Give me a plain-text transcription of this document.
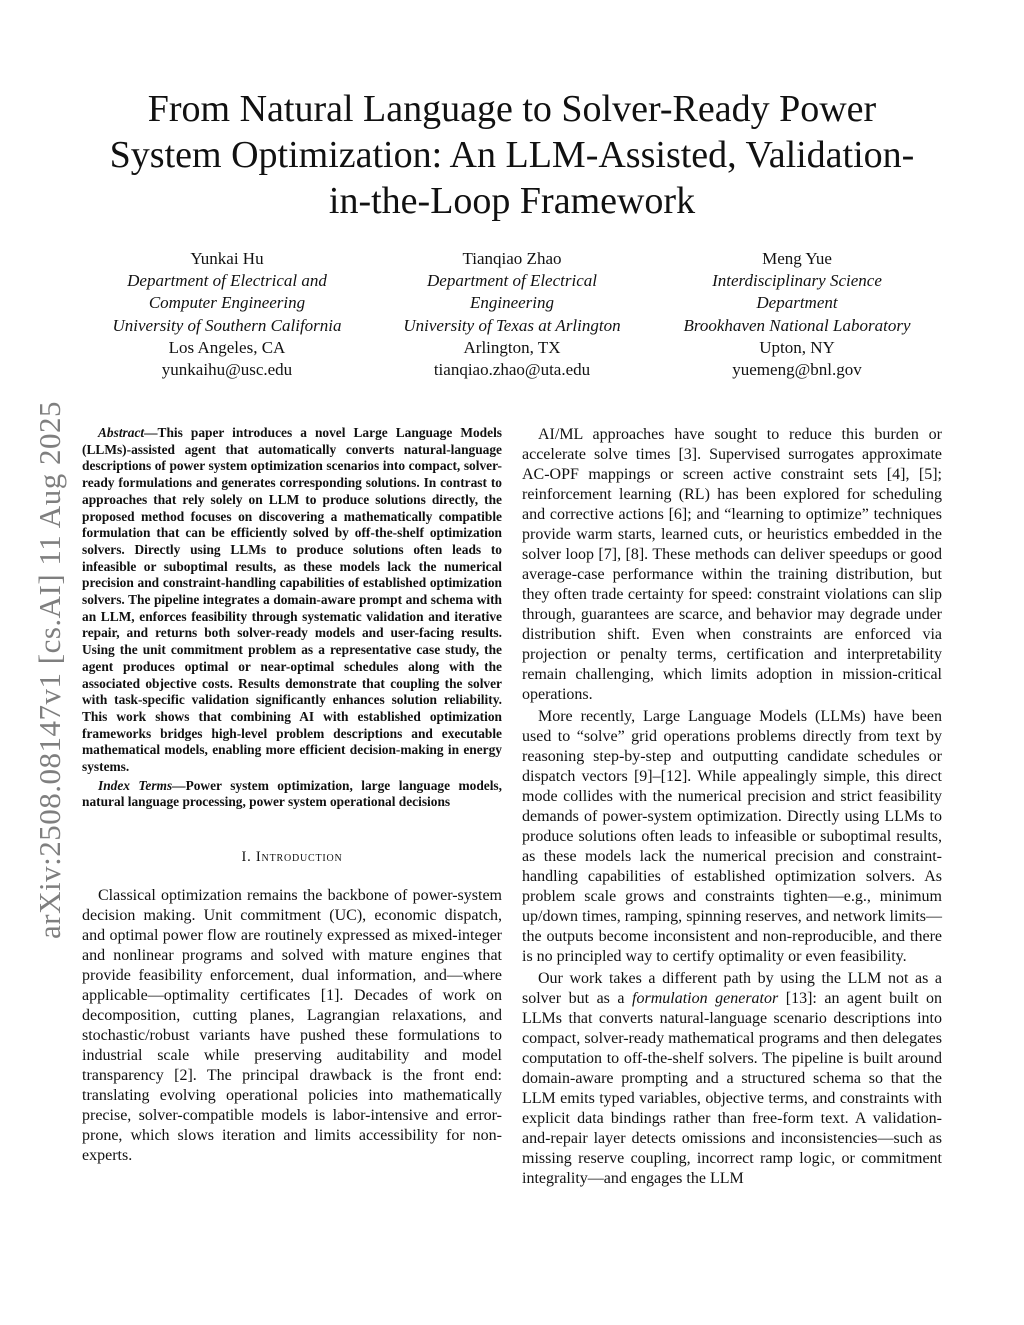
From Natural Language to Solver-Ready Power System Optimization: An LLM-Assisted, Validation-in-the-Loop Framework
Yunkai Hu
Department of Electrical and
Computer Engineering
University of Southern California
Los Angeles, CA
yunkaihu@usc.edu
Tianqiao Zhao
Department of Electrical
Engineering
University of Texas at Arlington
Arlington, TX
tianqiao.zhao@uta.edu
Meng Yue
Interdisciplinary Science
Department
Brookhaven National Laboratory
Upton, NY
yuemeng@bnl.gov
arXiv:2508.08147v1 [cs.AI] 11 Aug 2025	Abstract—This paper introduces a novel Large Language Models (LLMs)-assisted agent that automatically converts natural-language descriptions of power system optimization scenarios into compact, solver-ready formulations and generates corresponding solutions. In contrast to approaches that rely solely on LLM to produce solutions directly, the proposed method focuses on discovering a mathematically compatible formulation that can be efficiently solved by off-the-shelf optimization solvers. Directly using LLMs to produce solutions often leads to infeasible or suboptimal results, as these models lack the numerical precision and constraint-handling capabilities of established optimization solvers. The pipeline integrates a domain-aware prompt and schema with an LLM, enforces feasibility through systematic validation and iterative repair, and returns both solver-ready models and user-facing results. Using the unit commitment problem as a representative case study, the agent produces optimal or near-optimal schedules along with the associated objective costs. Results demonstrate that coupling the solver with task-specific validation significantly enhances solution reliability. This work shows that combining AI with established optimization frameworks bridges high-level problem descriptions and executable mathematical models, enabling more efficient decision-making in energy systems.

Index Terms—Power system optimization, large language models, natural language processing, power system operational decisions

I. Introduction

Classical optimization remains the backbone of power-system decision making. Unit commitment (UC), economic dispatch, and optimal power flow are routinely expressed as mixed-integer and nonlinear programs and solved with mature engines that provide feasibility enforcement, dual information, and—where applicable—optimality certificates [1]. Decades of work on decomposition, cutting planes, Lagrangian relaxations, and stochastic/robust variants have pushed these formulations to industrial scale while preserving auditability and model transparency [2]. The principal drawback is the front end: translating evolving operational policies into mathematically precise, solver-compatible models is labor-intensive and error-prone, which slows iteration and limits accessibility for non-experts.

AI/ML approaches have sought to reduce this burden or accelerate solve times [3]. Supervised surrogates approximate AC-OPF mappings or screen active constraint sets [4], [5]; reinforcement learning (RL) has been explored for scheduling and corrective actions [6]; and “learning to optimize” techniques provide warm starts, learned cuts, or heuristics embedded in the solver loop [7], [8]. These methods can deliver speedups or good average-case performance within the training distribution, but they often trade certainty for speed: constraint violations can slip through, guarantees are scarce, and behavior may degrade under distribution shift. Even when constraints are enforced via projection or penalty terms, certification and interpretability remain challenging, which limits adoption in mission-critical operations.

More recently, Large Language Models (LLMs) have been used to “solve” grid operations problems directly from text by reasoning step-by-step and outputting candidate schedules or dispatch vectors [9]–[12]. While appealingly simple, this direct mode collides with the numerical precision and strict feasibility demands of power-system optimization. Directly using LLMs to produce solutions often leads to infeasible or suboptimal results, as these models lack the numerical precision and constraint-handling capabilities of established optimization solvers. As problem scale grows and constraints tighten—e.g., minimum up/down times, ramping, spinning reserves, and network limits—the outputs become inconsistent and non-reproducible, and there is no principled way to certify optimality or even feasibility.

Our work takes a different path by using the LLM not as a solver but as a formulation generator [13]: an agent built on LLMs that converts natural-language scenario descriptions into compact, solver-ready mathematical programs and then delegates computation to off-the-shelf solvers. The pipeline is built around domain-aware prompting and a structured schema so that the LLM emits typed variables, objective terms, and constraints with explicit data bindings rather than free-form text. A validation-and-repair layer detects omissions and inconsistencies—such as missing reserve coupling, incorrect ramp logic, or commitment integrality—and engages the LLM
